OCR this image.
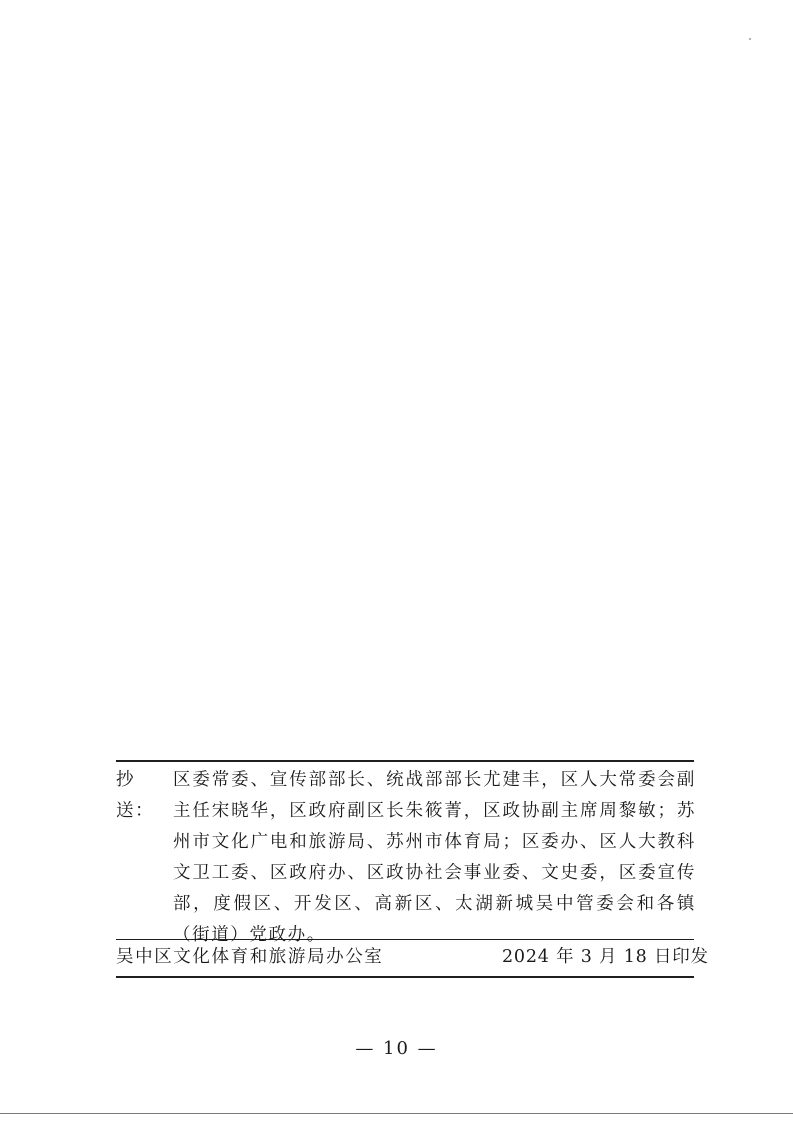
抄送：
区委常委、宣传部部长、统战部部长尤建丰，区人大常委会副主任宋晓华，区政府副区长朱筱菁，区政协副主席周黎敏；苏州市文化广电和旅游局、苏州市体育局；区委办、区人大教科文卫工委、区政府办、区政协社会事业委、文史委，区委宣传部，度假区、开发区、高新区、太湖新城吴中管委会和各镇（街道）党政办。
吴中区文化体育和旅游局办公室	2024 年 3 月 18 日印发
— 10 —
